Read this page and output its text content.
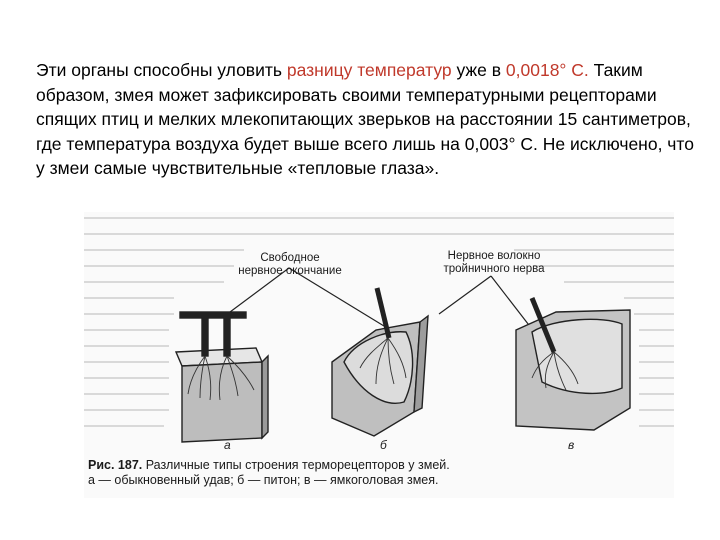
Эти органы способны уловить разницу температур уже в 0,0018° С. Таким образом, змея может зафиксировать своими температурными рецепторами спящих птиц и мелких млекопитающих зверьков на расстоянии 15 сантиметров, где температура воздуха будет выше всего лишь на 0,003° С. Не исключено, что у змеи самые чувствительные «тепловые глаза».
Свободное нервное окончание
Нервное волокно тройничного нерва
а	б	в
Рис. 187. Различные типы строения терморецепторов у змей.
а — обыкновенный удав; б — питон; в — ямкоголовая змея.
